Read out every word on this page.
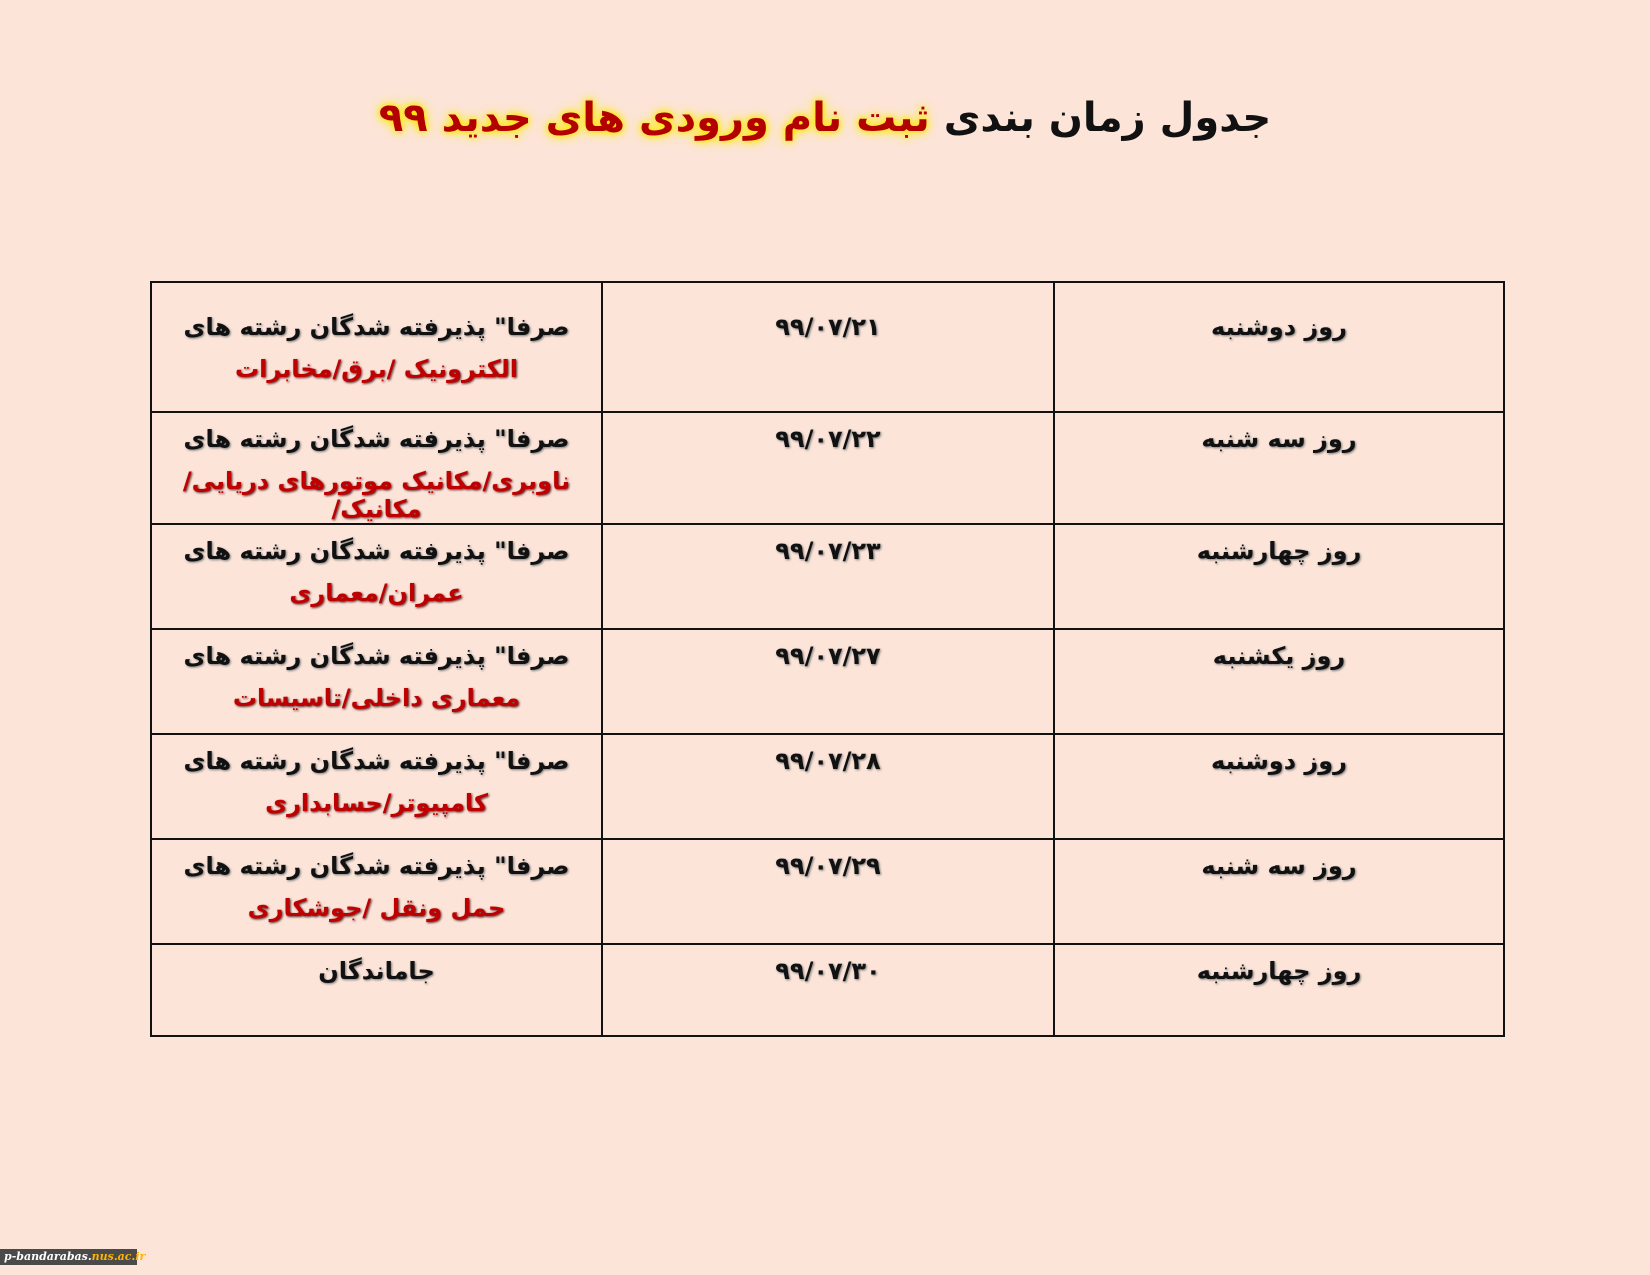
جدول زمان بندی ثبت نام ورودی های جدید ۹۹
روز دوشنبه	۹۹/۰۷/۲۱	صرفا" پذیرفته شدگان رشته های
الکترونیک /برق/مخابرات

روز سه شنبه	۹۹/۰۷/۲۲	صرفا" پذیرفته شدگان رشته های
ناوبری/مکانیک موتورهای دریایی/مکانیک/

روز چهارشنبه	۹۹/۰۷/۲۳	صرفا" پذیرفته شدگان رشته های
عمران/معماری

روز یکشنبه	۹۹/۰۷/۲۷	صرفا" پذیرفته شدگان رشته های
معماری داخلی/تاسیسات

روز دوشنبه	۹۹/۰۷/۲۸	صرفا" پذیرفته شدگان رشته های
کامپیوتر/حسابداری

روز سه شنبه	۹۹/۰۷/۲۹	صرفا" پذیرفته شدگان رشته های
حمل ونقل /جوشکاری

روز چهارشنبه	۹۹/۰۷/۳۰	جاماندگان
p-bandarabas.nus.ac.ir
